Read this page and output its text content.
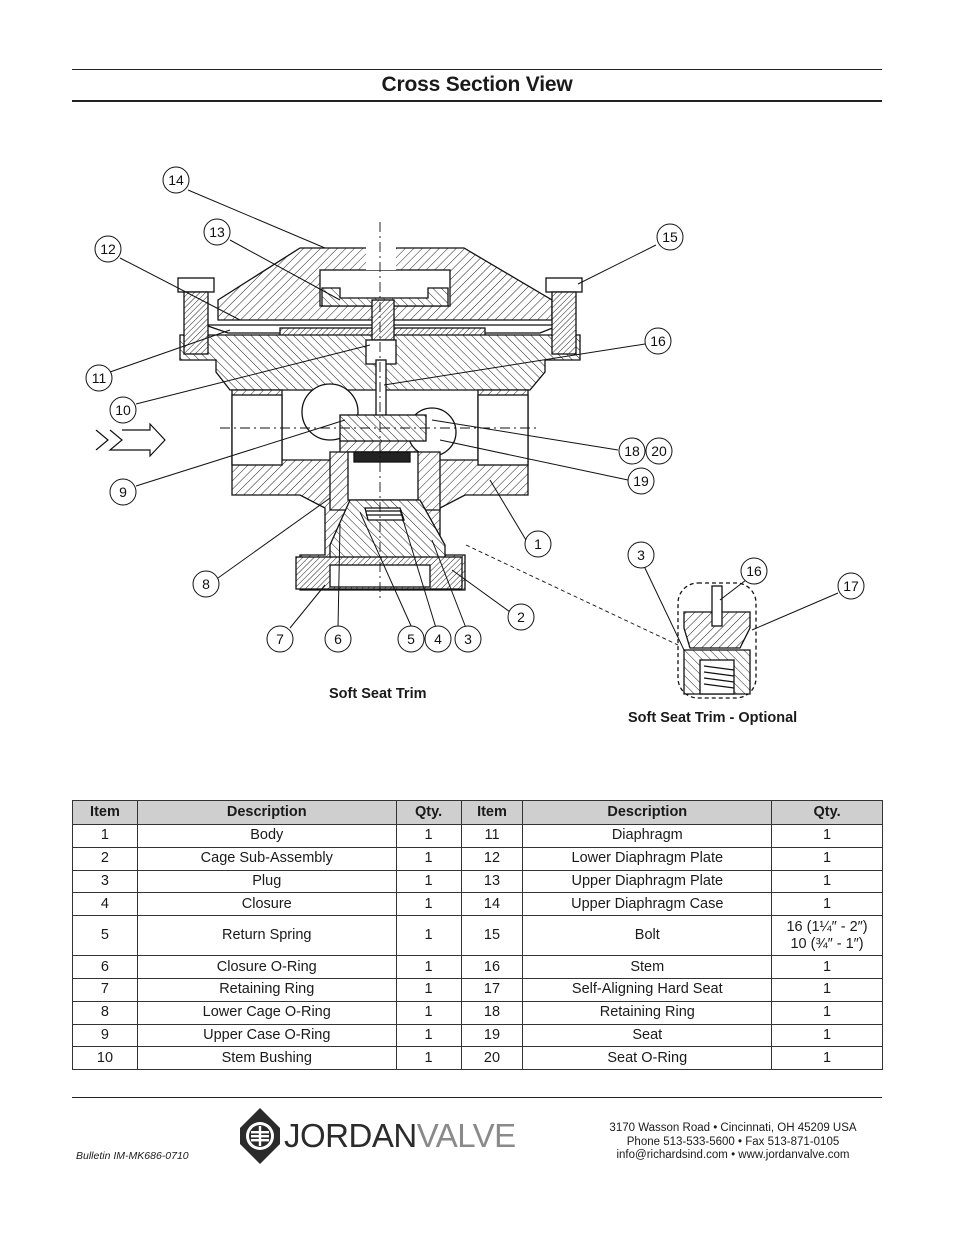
Cross Section View
14
13
12
15
16
11
10
18 20
19
9
1
8
2
7	6	5 4 3
3
16
17
Soft Seat Trim
Soft Seat Trim - Optional
Item	Description	Qty.	Item	Description	Qty.
1	Body	1	11	Diaphragm	1
2	Cage Sub-Assembly	1	12	Lower Diaphragm Plate	1
3	Plug	1	13	Upper Diaphragm Plate	1
4	Closure	1	14	Upper Diaphragm Case	1
5	Return Spring	1	15	Bolt	16 (1¼″ - 2″)
10 (¾″ - 1″)

6	Closure O-Ring	1	16	Stem	1
7	Retaining Ring	1	17	Self-Aligning Hard Seat	1
8	Lower Cage O-Ring	1	18	Retaining Ring	1
9	Upper Case O-Ring	1	19	Seat	1
10	Stem Bushing	1	20	Seat O-Ring	1
Bulletin IM-MK686-0710
JORDANVALVE	3170 Wasson Road • Cincinnati, OH 45209 USA
Phone 513-533-5600 • Fax 513-871-0105
info@richardsind.com • www.jordanvalve.com
